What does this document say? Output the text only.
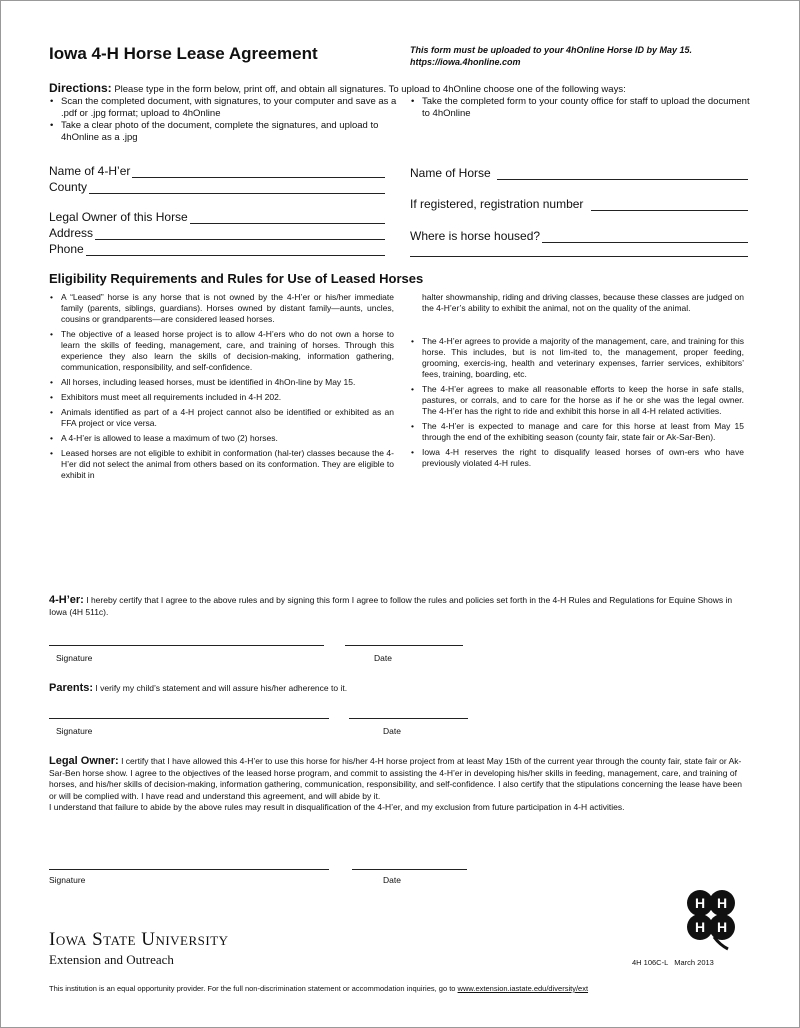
Iowa 4-H Horse Lease Agreement	This form must be uploaded to your 4hOnline Horse ID by May 15.
https://iowa.4honline.com
Directions: Please type in the form below, print off, and obtain all signatures. To upload to 4hOnline choose one of the following ways:
• Scan the completed document, with signatures, to your computer and save as a .pdf or .jpg format; upload to 4hOnline
• Take a clear photo of the document, complete the signatures, and upload to 4hOnline as a .jpg
• Take the completed form to your county office for staff to upload the document to 4hOnline
Name of 4-H’er
County
Legal Owner of this Horse
Address
Phone
Name of Horse
If registered, registration number
Where is horse housed?
Eligibility Requirements and Rules for Use of Leased Horses
• A “Leased” horse is any horse that is not owned by the 4-H’er or his/her immediate family (parents, siblings, guardians). Horses owned by distant family—aunts, uncles, cousins or grandparents—are considered leased horses.
• The objective of a leased horse project is to allow 4-H’ers who do not own a horse to learn the skills of feeding, management, care, and training of horses. Through this experience they also learn the skills of decision-making, information gathering, communication, responsibility, and self-confidence.
• All horses, including leased horses, must be identified in 4hOn-line by May 15.
• Exhibitors must meet all requirements included in 4-H 202.
• Animals identified as part of a 4-H project cannot also be identified or exhibited as an FFA project or vice versa.
• A 4-H’er is allowed to lease a maximum of two (2) horses.
• Leased horses are not eligible to exhibit in conformation (hal-ter) classes because the 4-H’er did not select the animal from others based on its conformation. They are eligible to exhibit in
halter showmanship, riding and driving classes, because these classes are judged on the 4-H’er’s ability to exhibit the animal, not on the quality of the animal.
• The 4-H’er agrees to provide a majority of the management, care, and training for this horse. This includes, but is not lim-ited to, the management, proper feeding, grooming, exercis-ing, health and veterinary expenses, farrier services, exhibitors’ fees, training, boarding, etc.
• The 4-H’er agrees to make all reasonable efforts to keep the horse in safe stalls, pastures, or corrals, and to care for the horse as if he or she was the legal owner. The 4-H’er has the right to ride and exhibit this horse in all 4-H related activities.
• The 4-H’er is expected to manage and care for this horse at least from May 15 through the end of the exhibiting season (county fair, state fair or Ak-Sar-Ben).
• Iowa 4-H reserves the right to disqualify leased horses of own-ers who have previously violated 4-H rules.
4-H’er: I hereby certify that I agree to the above rules and by signing this form I agree to follow the rules and policies set forth in the 4-H Rules and Regulations for Equine Shows in Iowa (4H 511c).
Signature	Date
Parents: I verify my child’s statement and will assure his/her adherence to it.
Signature	Date
Legal Owner: I certify that I have allowed this 4-H’er to use this horse for his/her 4-H horse project from at least May 15th of the current year through the county fair, state fair or Ak-Sar-Ben horse show. I agree to the objectives of the leased horse program, and commit to assisting the 4-H’er in developing his/her skills in feeding, management, care, and training of horses, and his/her skills of decision-making, information gathering, communication, responsibility, and self-confidence. I also certify that the stipulations concerning the lease have been or will be complied with. I have read and understand this agreement, and will abide by it.
I understand that failure to abide by the above rules may result in disqualification of the 4-H’er, and my exclusion from future participation in 4-H activities.
Signature	Date
Iowa State University
Extension and Outreach
H H
H H
4H 106C-L   March 2013
This institution is an equal opportunity provider. For the full non-discrimination statement or accommodation inquiries, go to www.extension.iastate.edu/diversity/ext
